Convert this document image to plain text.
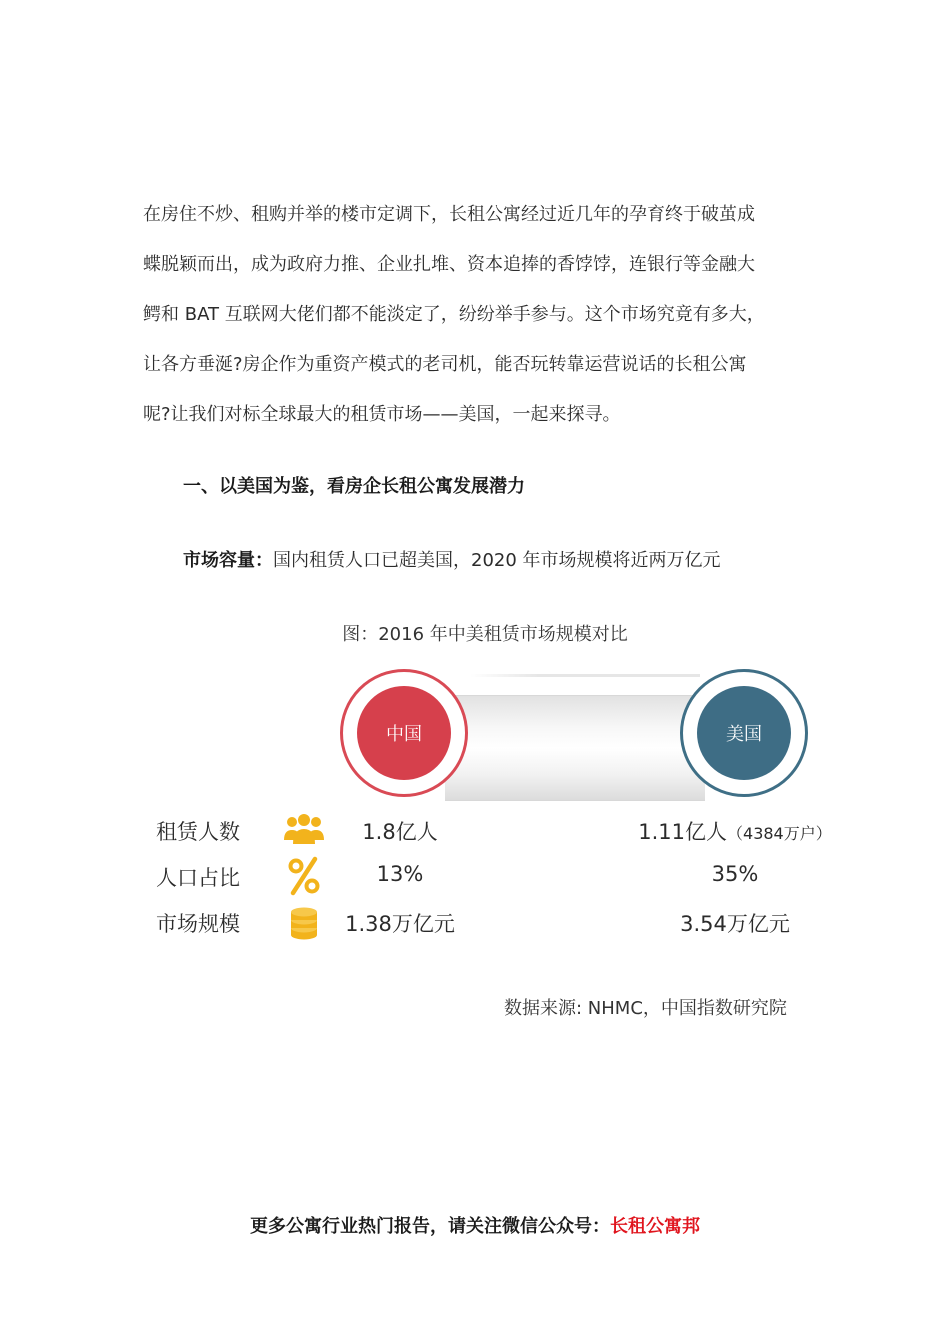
在房住不炒、租购并举的楼市定调下，长租公寓经过近几年的孕育终于破茧成

蝶脱颖而出，成为政府力推、企业扎堆、资本追捧的香饽饽，连银行等金融大

鳄和 BAT 互联网大佬们都不能淡定了，纷纷举手参与。这个市场究竟有多大，

让各方垂涎?房企作为重资产模式的老司机，能否玩转靠运营说话的长租公寓

呢?让我们对标全球最大的租赁市场——美国，一起来探寻。

一、以美国为鉴，看房企长租公寓发展潜力
市场容量：国内租赁人口已超美国，2020 年市场规模将近两万亿元
图：2016 年中美租赁市场规模对比
中国	美国
租赁人数	1.8亿人	1.11亿人（4384万户）
人口占比	13%	35%
市场规模	1.38万亿元	3.54万亿元
数据来源: NHMC，中国指数研究院
更多公寓行业热门报告，请关注微信公众号：长租公寓邦
